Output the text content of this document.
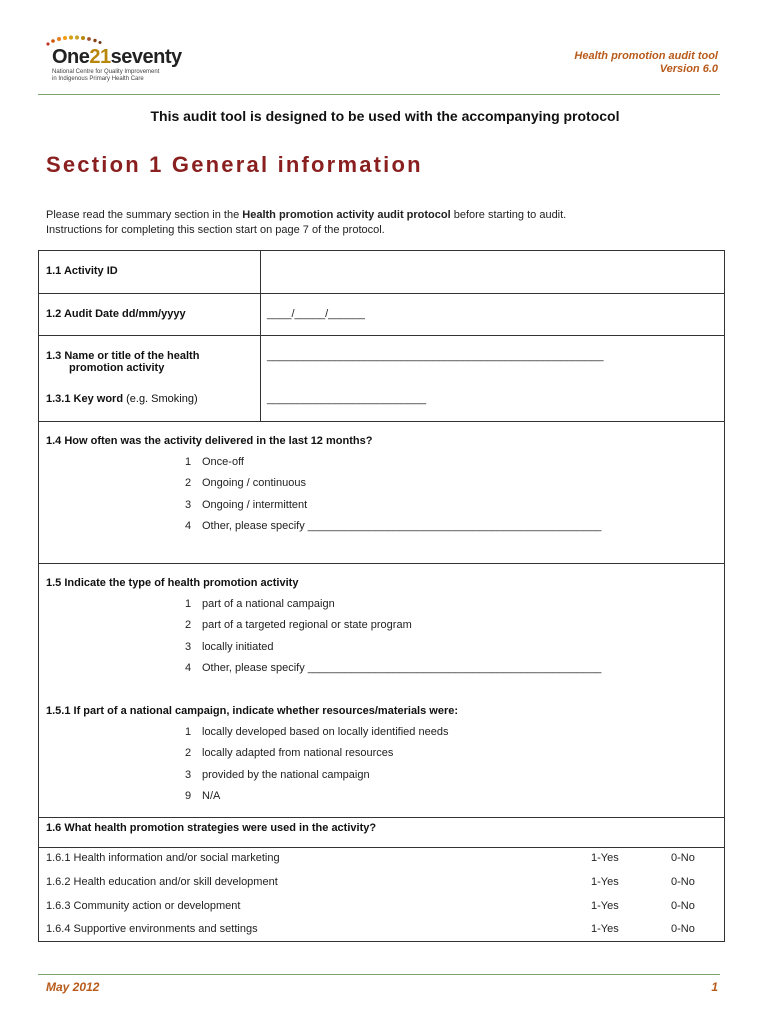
One21seventy
National Centre for Quality Improvement
in Indigenous Primary Health Care
Health promotion audit tool
Version 6.0
This audit tool is designed to be used with the accompanying protocol
Section 1 General information
Please read the summary section in the Health promotion activity audit protocol before starting to audit.
Instructions for completing this section start on page 7 of the protocol.
1.1 Activity ID
1.2 Audit Date dd/mm/yyyy	____/_____/______
1.3 Name or title of the health
promotion activity
_______________________________________________________
1.3.1 Key word (e.g. Smoking)	__________________________
1.4 How often was the activity delivered in the last 12 months?
1 Once-off
2 Ongoing / continuous
3 Ongoing / intermittent
4 Other, please specify ________________________________________________
1.5 Indicate the type of health promotion activity
1 part of a national campaign
2 part of a targeted regional or state program
3 locally initiated
4 Other, please specify ________________________________________________
1.5.1 If part of a national campaign, indicate whether resources/materials were:
1 locally developed based on locally identified needs
2 locally adapted from national resources
3 provided by the national campaign
9 N/A
1.6 What health promotion strategies were used in the activity?
1.6.1 Health information and/or social marketing	1-Yes	0-No
1.6.2 Health education and/or skill development	1-Yes	0-No
1.6.3 Community action or development	1-Yes	0-No
1.6.4 Supportive environments and settings	1-Yes	0-No
May 2012	1
